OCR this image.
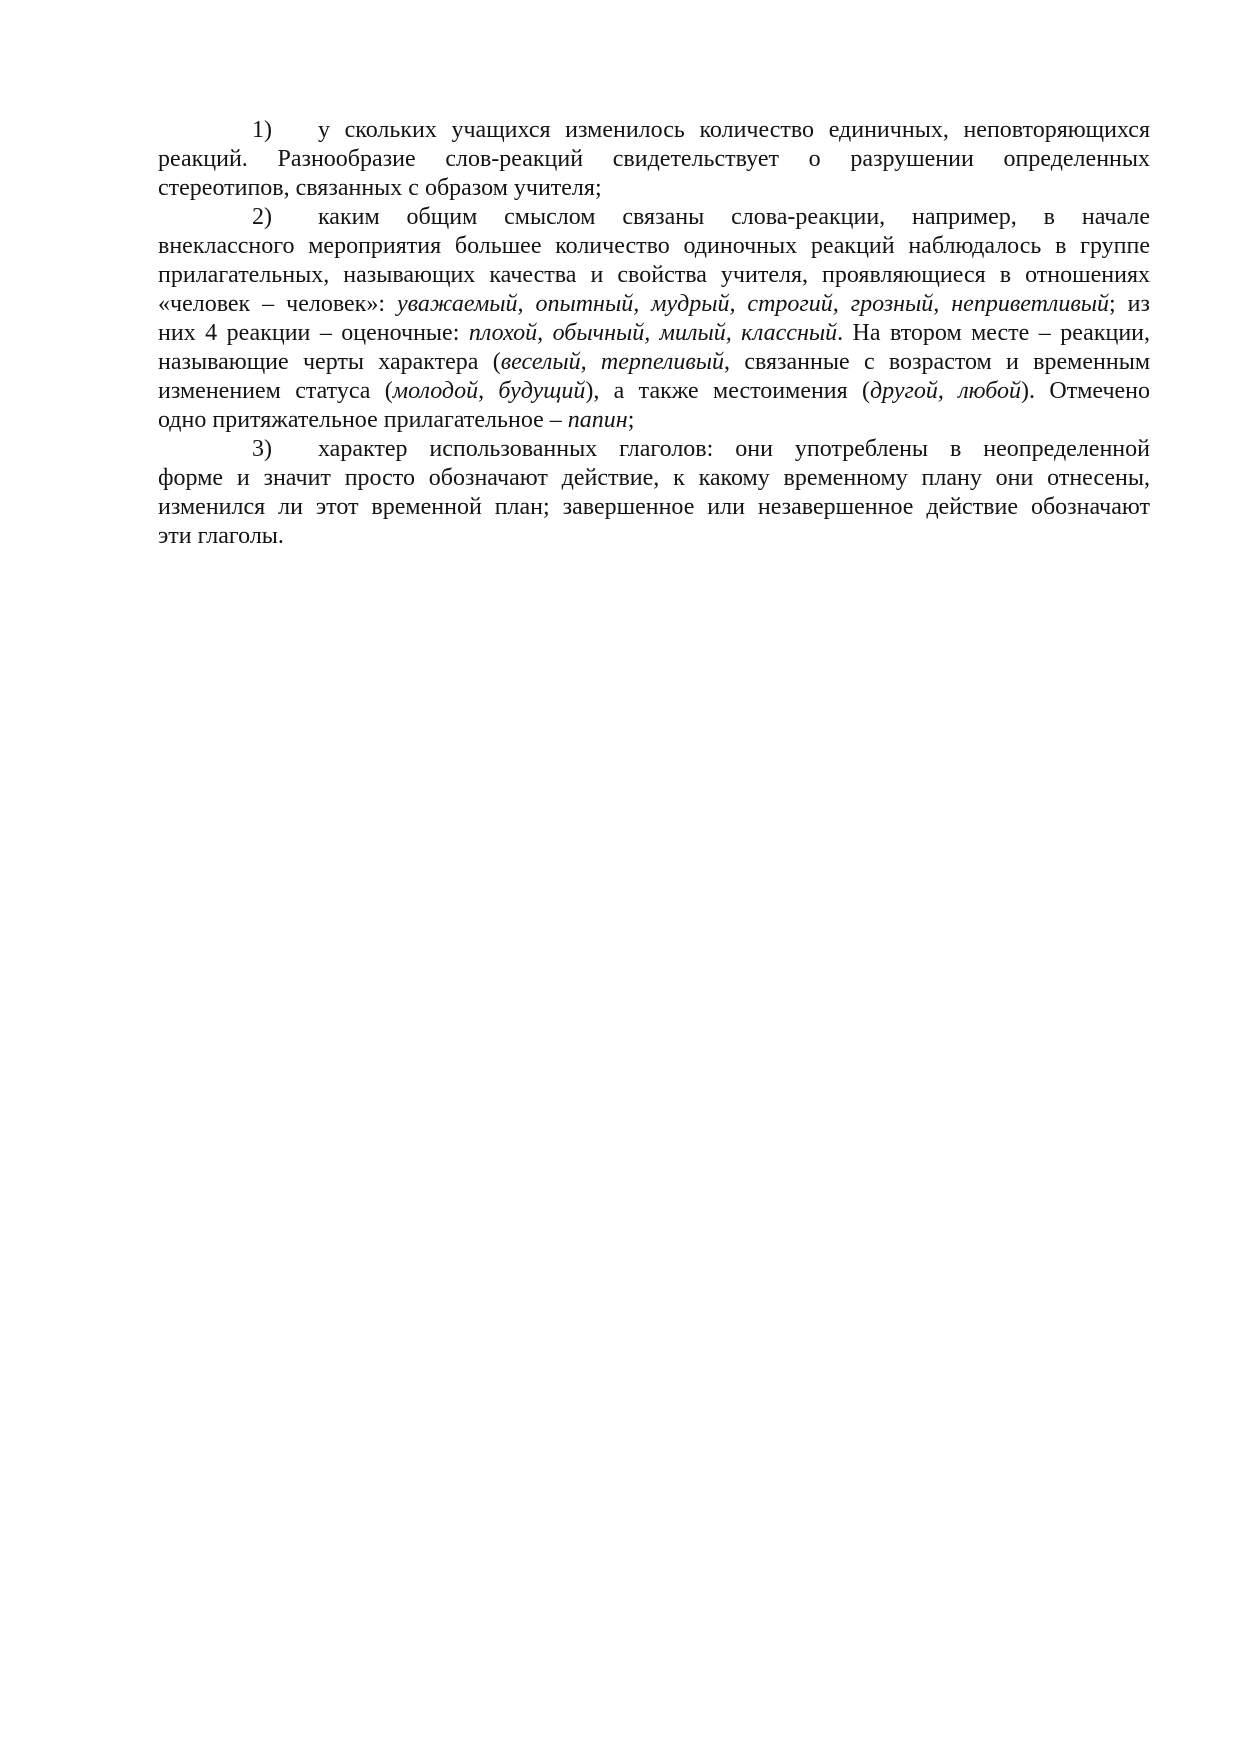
1) у скольких учащихся изменилось количество единичных, неповторяющихся
реакций. Разнообразие слов-реакций свидетельствует о разрушении определенных
стереотипов, связанных с образом учителя;
2) каким общим смыслом связаны слова-реакции, например, в начале
внеклассного мероприятия большее количество одиночных реакций наблюдалось в группе
прилагательных, называющих качества и свойства учителя, проявляющиеся в отношениях
«человек – человек»: уважаемый, опытный, мудрый, строгий, грозный, неприветливый; из
них 4 реакции – оценочные: плохой, обычный, милый, классный. На втором месте – реакции,
называющие черты характера (веселый, терпеливый, связанные с возрастом и временным
изменением статуса (молодой, будущий), а также местоимения (другой, любой). Отмечено
одно притяжательное прилагательное – папин;
3) характер использованных глаголов: они употреблены в неопределенной
форме и значит просто обозначают действие, к какому временному плану они отнесены,
изменился ли этот временной план; завершенное или незавершенное действие обозначают
эти глаголы.
